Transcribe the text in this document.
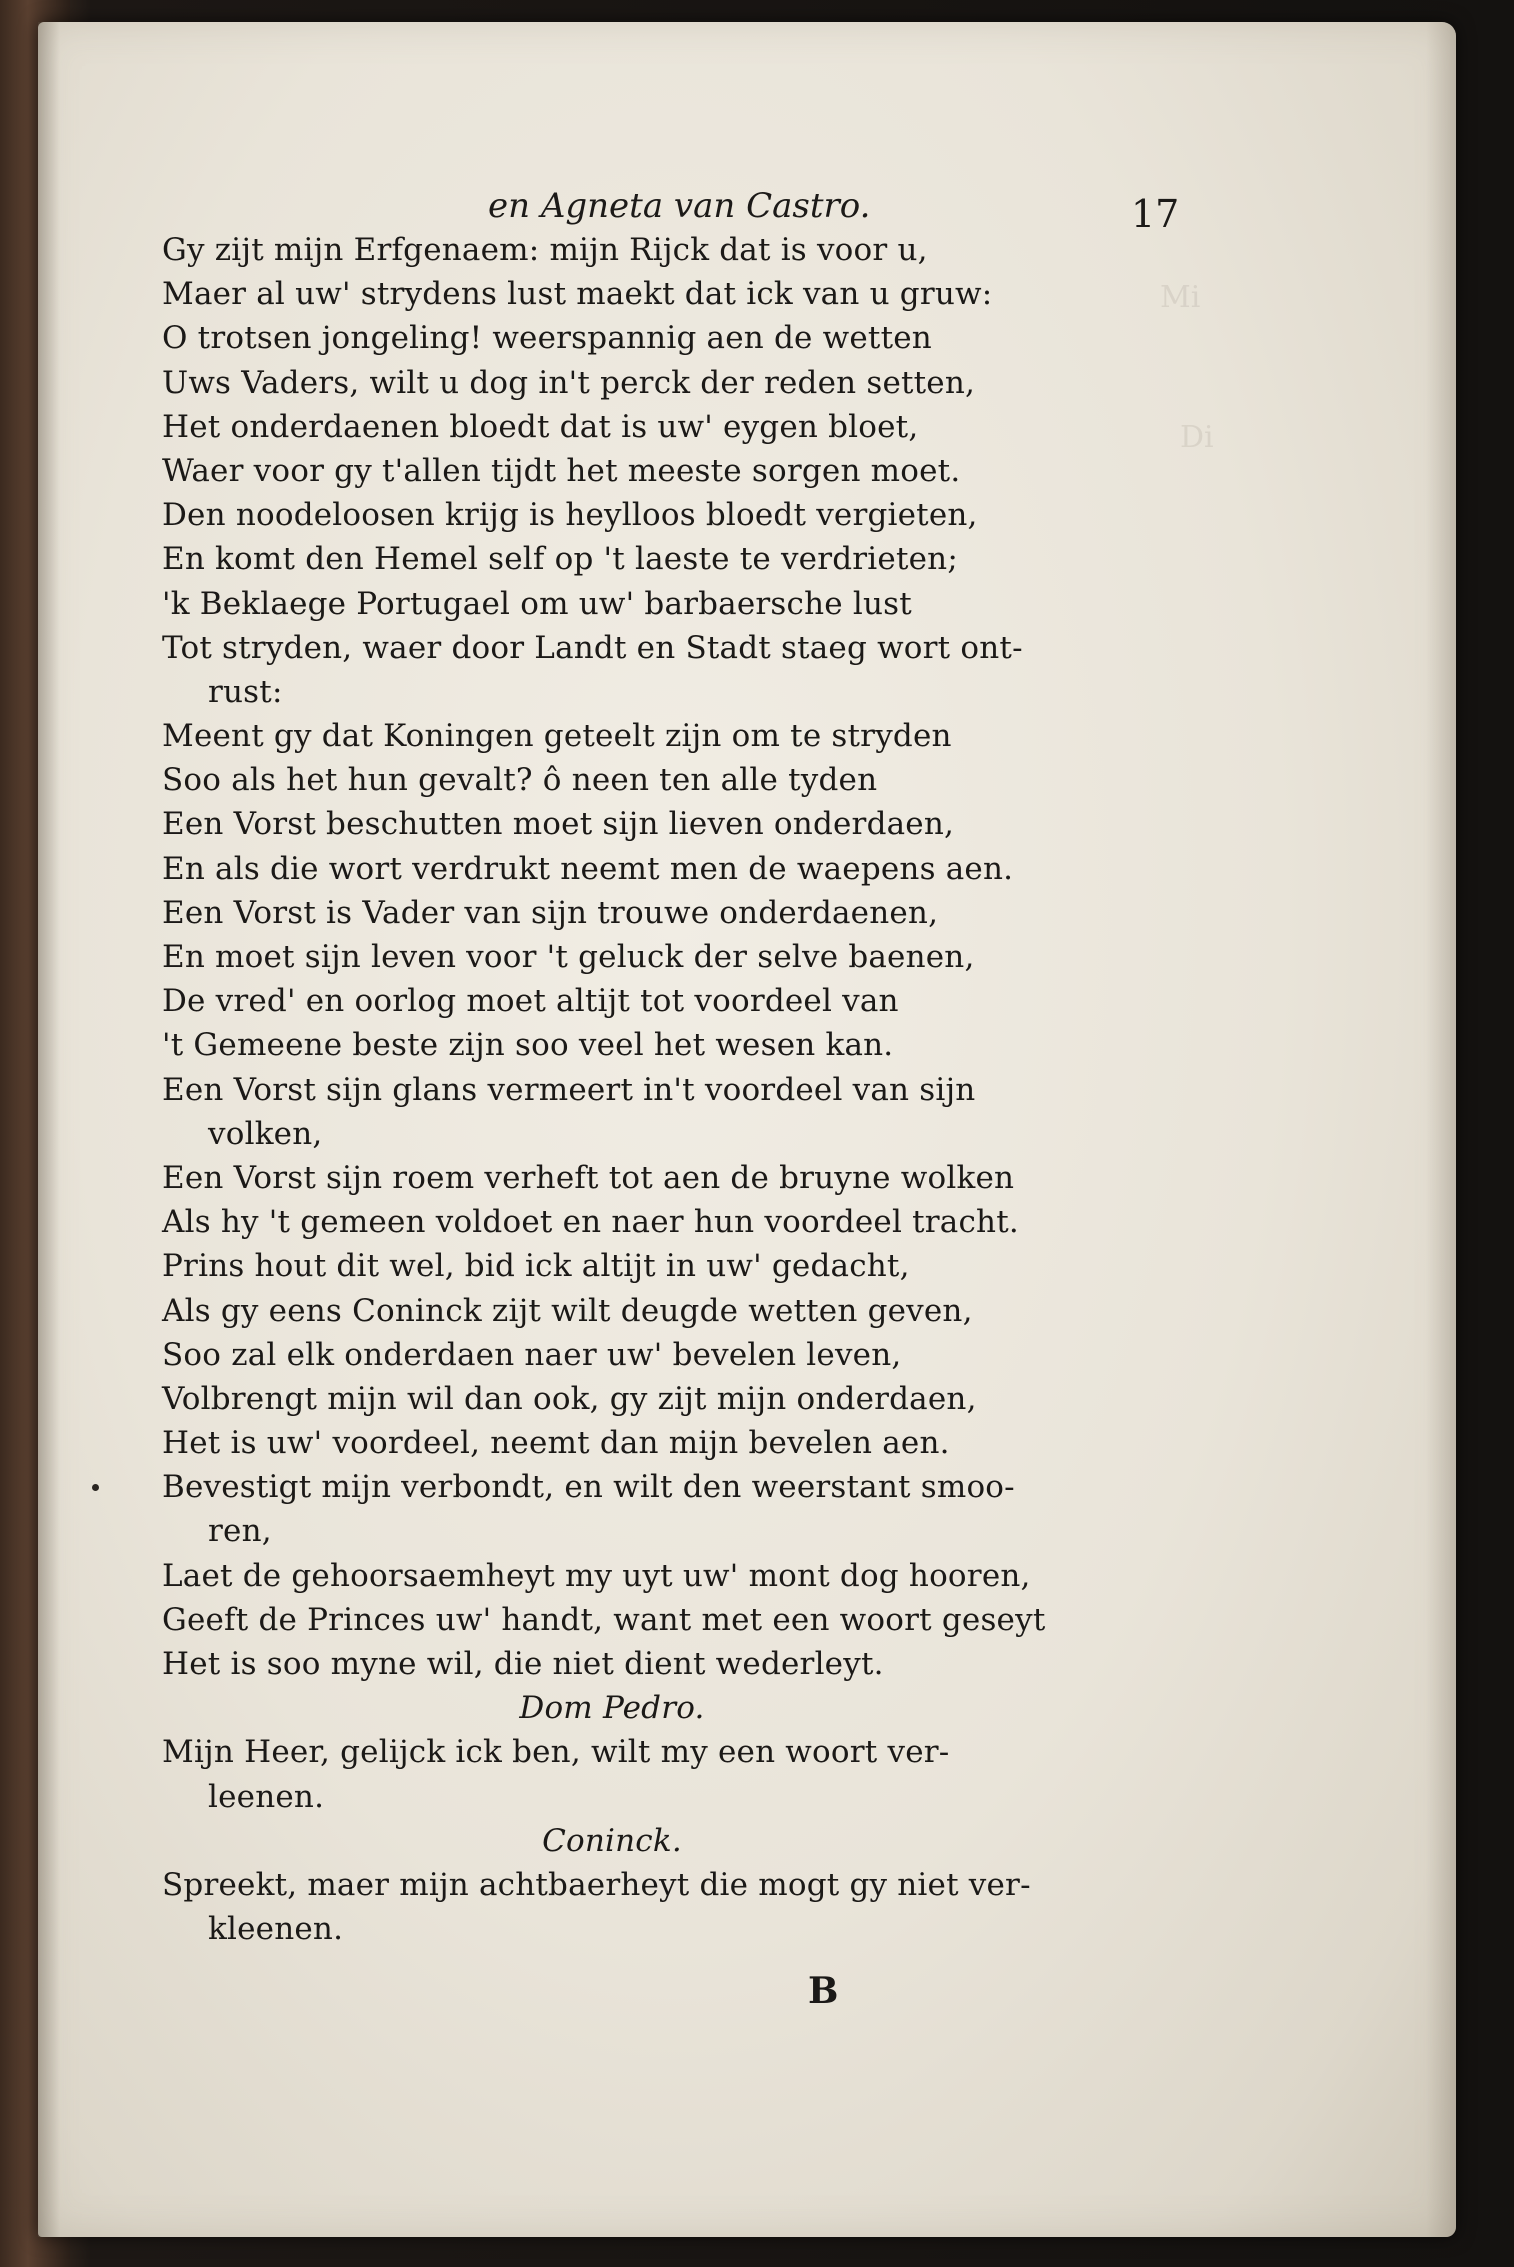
Mi
Di

en Agneta van Castro.	17
Gy zijt mijn Erfgenaem: mijn Rijck dat is voor u,
Maer al uw' strydens lust maekt dat ick van u gruw:
O trotsen jongeling! weerspannig aen de wetten
Uws Vaders, wilt u dog in't perck der reden setten,
Het onderdaenen bloedt dat is uw' eygen bloet,
Waer voor gy t'allen tijdt het meeste sorgen moet.
Den noodeloosen krijg is heylloos bloedt vergieten,
En komt den Hemel self op 't laeste te verdrieten;
'k Beklaege Portugael om uw' barbaersche lust
Tot stryden, waer door Landt en Stadt staeg wort ont-
rust:
Meent gy dat Koningen geteelt zijn om te stryden
Soo als het hun gevalt? ô neen ten alle tyden
Een Vorst beschutten moet sijn lieven onderdaen,
En als die wort verdrukt neemt men de waepens aen.
Een Vorst is Vader van sijn trouwe onderdaenen,
En moet sijn leven voor 't geluck der selve baenen,
De vred' en oorlog moet altijt tot voordeel van
't Gemeene beste zijn soo veel het wesen kan.
Een Vorst sijn glans vermeert in't voordeel van sijn
volken,
Een Vorst sijn roem verheft tot aen de bruyne wolken
Als hy 't gemeen voldoet en naer hun voordeel tracht.
Prins hout dit wel, bid ick altijt in uw' gedacht,
Als gy eens Coninck zijt wilt deugde wetten geven,
Soo zal elk onderdaen naer uw' bevelen leven,
Volbrengt mijn wil dan ook, gy zijt mijn onderdaen,
Het is uw' voordeel, neemt dan mijn bevelen aen.
Bevestigt mijn verbondt, en wilt den weerstant smoo-
ren,
Laet de gehoorsaemheyt my uyt uw' mont dog hooren,
Geeft de Princes uw' handt, want met een woort geseyt
Het is soo myne wil, die niet dient wederleyt.
Dom Pedro.
Mijn Heer, gelijck ick ben, wilt my een woort ver-
leenen.
Coninck.
Spreekt, maer mijn achtbaerheyt die mogt gy niet ver-
kleenen.
B
